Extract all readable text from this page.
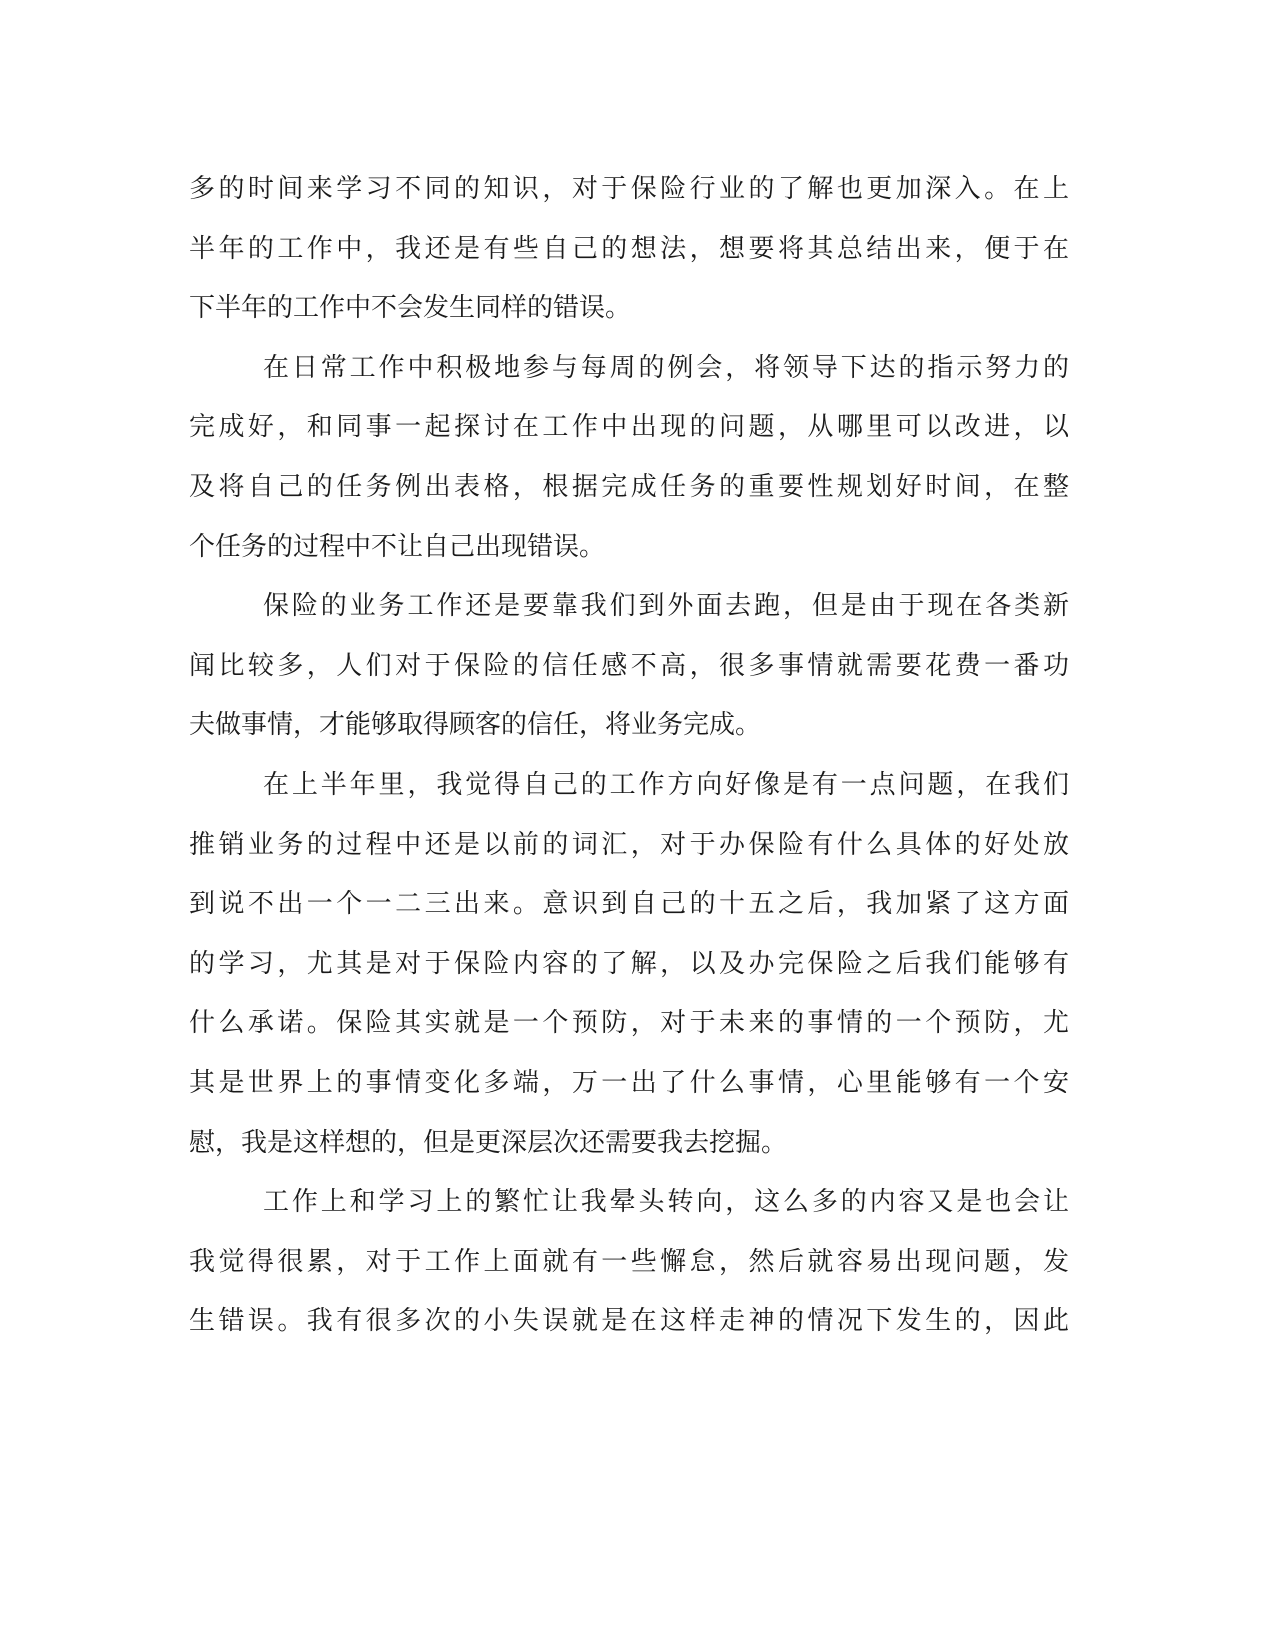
多的时间来学习不同的知识，对于保险行业的了解也更加深入。在上
半年的工作中，我还是有些自己的想法，想要将其总结出来，便于在
下半年的工作中不会发生同样的错误。
在日常工作中积极地参与每周的例会，将领导下达的指示努力的
完成好，和同事一起探讨在工作中出现的问题，从哪里可以改进，以
及将自己的任务例出表格，根据完成任务的重要性规划好时间，在整
个任务的过程中不让自己出现错误。
保险的业务工作还是要靠我们到外面去跑，但是由于现在各类新
闻比较多，人们对于保险的信任感不高，很多事情就需要花费一番功
夫做事情，才能够取得顾客的信任，将业务完成。
在上半年里，我觉得自己的工作方向好像是有一点问题，在我们
推销业务的过程中还是以前的词汇，对于办保险有什么具体的好处放
到说不出一个一二三出来。意识到自己的十五之后，我加紧了这方面
的学习，尤其是对于保险内容的了解，以及办完保险之后我们能够有
什么承诺。保险其实就是一个预防，对于未来的事情的一个预防，尤
其是世界上的事情变化多端，万一出了什么事情，心里能够有一个安
慰，我是这样想的，但是更深层次还需要我去挖掘。
工作上和学习上的繁忙让我晕头转向，这么多的内容又是也会让
我觉得很累，对于工作上面就有一些懈怠，然后就容易出现问题，发
生错误。我有很多次的小失误就是在这样走神的情况下发生的，因此
